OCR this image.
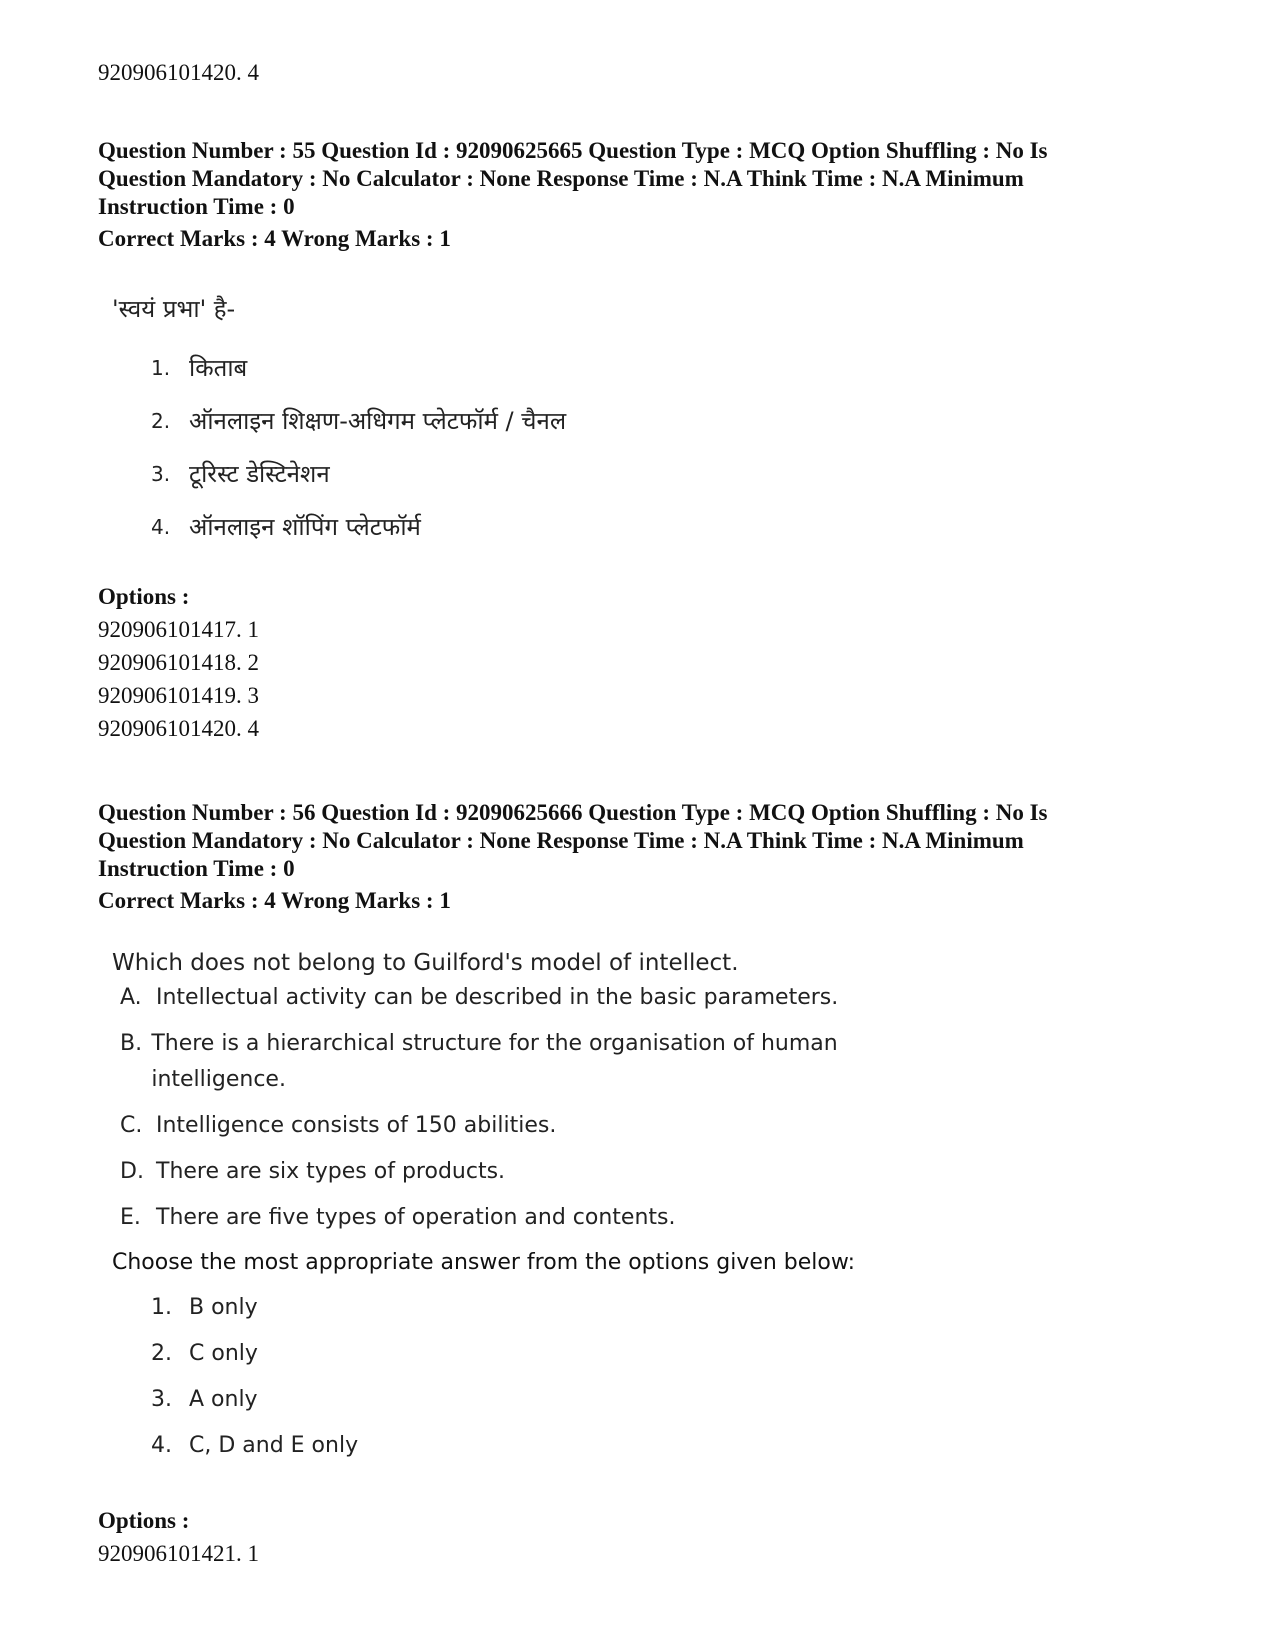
920906101420. 4
Question Number : 55 Question Id : 92090625665 Question Type : MCQ Option Shuffling : No Is
Question Mandatory : No Calculator : None Response Time : N.A Think Time : N.A Minimum
Instruction Time : 0
Correct Marks : 4 Wrong Marks : 1
'स्वयं प्रभा' है-
1. किताब
2. ऑनलाइन शिक्षण-अधिगम प्लेटफॉर्म / चैनल
3. टूरिस्ट डेस्टिनेशन
4. ऑनलाइन शॉपिंग प्लेटफॉर्म
Options :
920906101417. 1
920906101418. 2
920906101419. 3
920906101420. 4
Question Number : 56 Question Id : 92090625666 Question Type : MCQ Option Shuffling : No Is
Question Mandatory : No Calculator : None Response Time : N.A Think Time : N.A Minimum
Instruction Time : 0
Correct Marks : 4 Wrong Marks : 1
Which does not belong to Guilford's model of intellect.
A. Intellectual activity can be described in the basic parameters.
B. There is a hierarchical structure for the organisation of human intelligence.
C. Intelligence consists of 150 abilities.
D. There are six types of products.
E. There are five types of operation and contents.
Choose the most appropriate answer from the options given below:
1. B only
2. C only
3. A only
4. C, D and E only
Options :
920906101421. 1
